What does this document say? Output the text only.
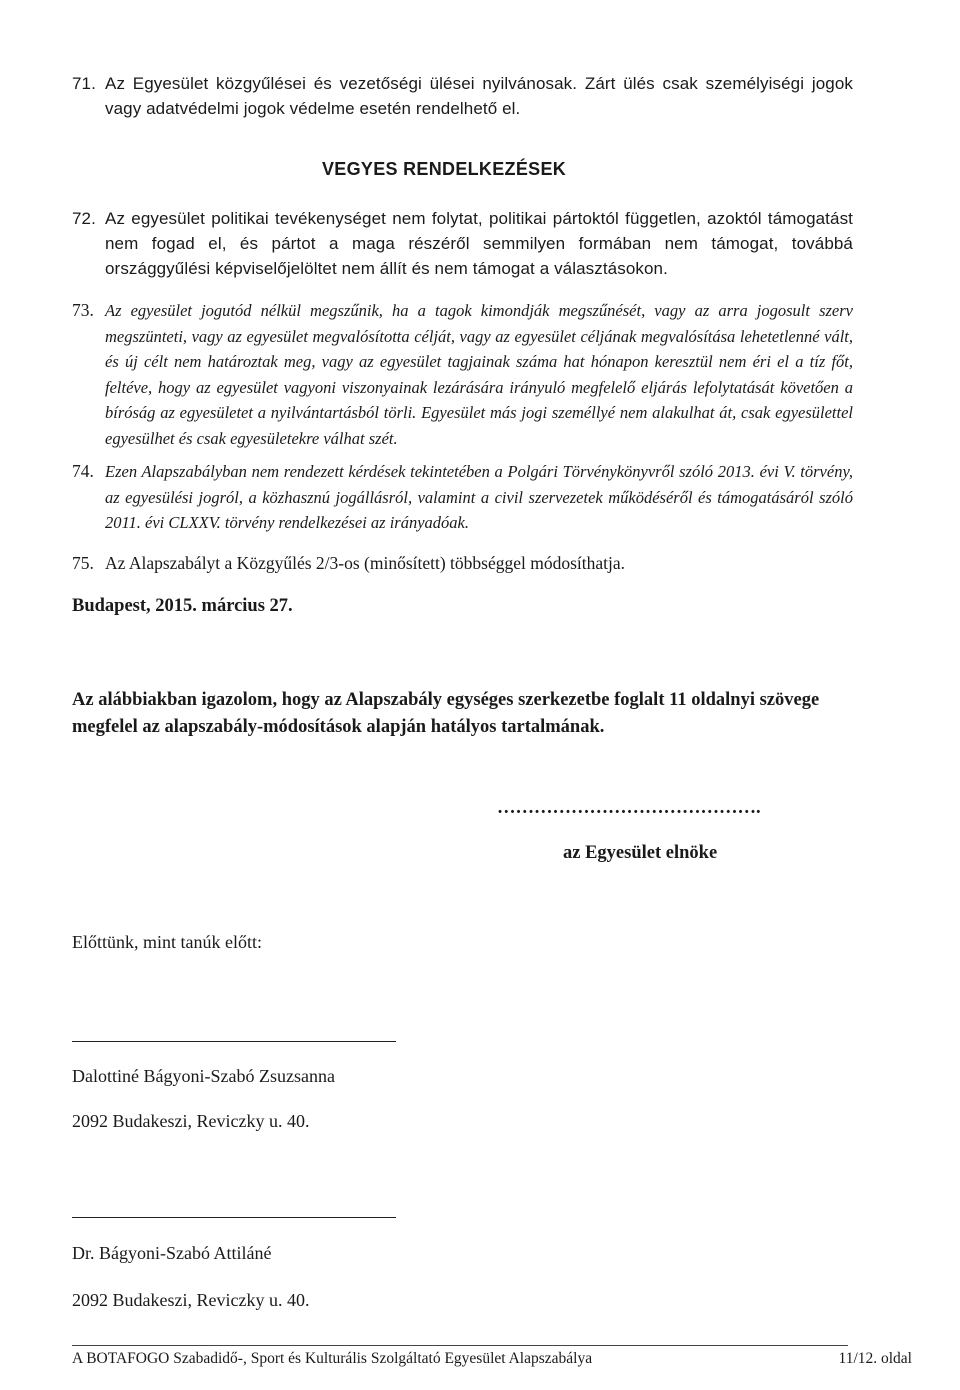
71. Az Egyesület közgyűlései és vezetőségi ülései nyilvánosak. Zárt ülés csak személyiségi jogok vagy adatvédelmi jogok védelme esetén rendelhető el.

VEGYES RENDELKEZÉSEK

72. Az egyesület politikai tevékenységet nem folytat, politikai pártoktól független, azoktól támogatást nem fogad el, és pártot a maga részéről semmilyen formában nem támogat, továbbá országgyűlési képviselőjelöltet nem állít és nem támogat a választásokon.

73. Az egyesület jogutód nélkül megszűnik, ha a tagok kimondják megszűnését, vagy az arra jogosult szerv megszünteti, vagy az egyesület megvalósította célját, vagy az egyesület céljának megvalósítása lehetetlenné vált, és új célt nem határoztak meg, vagy az egyesület tagjainak száma hat hónapon keresztül nem éri el a tíz főt, feltéve, hogy az egyesület vagyoni viszonyainak lezárására irányuló megfelelő eljárás lefolytatását követően a bíróság az egyesületet a nyilvántartásból törli. Egyesület más jogi személlyé nem alakulhat át, csak egyesülettel egyesülhet és csak egyesületekre válhat szét.

74. Ezen Alapszabályban nem rendezett kérdések tekintetében a Polgári Törvénykönyvről szóló 2013. évi V. törvény, az egyesülési jogról, a közhasznú jogállásról, valamint a civil szervezetek működéséről és támogatásáról szóló 2011. évi CLXXV. törvény rendelkezései az irányadóak.

75. Az Alapszabályt a Közgyűlés 2/3-os (minősített) többséggel módosíthatja.

Budapest, 2015. március 27.

Az alábbiakban igazolom, hogy az Alapszabály egységes szerkezetbe foglalt 11 oldalnyi szövege megfelel az alapszabály-módosítások alapján hatályos tartalmának.

…………………………………….

az Egyesület elnöke

Előttünk, mint tanúk előtt:

Dalottiné Bágyoni-Szabó Zsuzsanna

2092 Budakeszi, Reviczky u. 40.

Dr. Bágyoni-Szabó Attiláné

2092 Budakeszi, Reviczky u. 40.

A BOTAFOGO Szabadidő-, Sport és Kulturális Szolgáltató Egyesület Alapszabálya	11/12. oldal
